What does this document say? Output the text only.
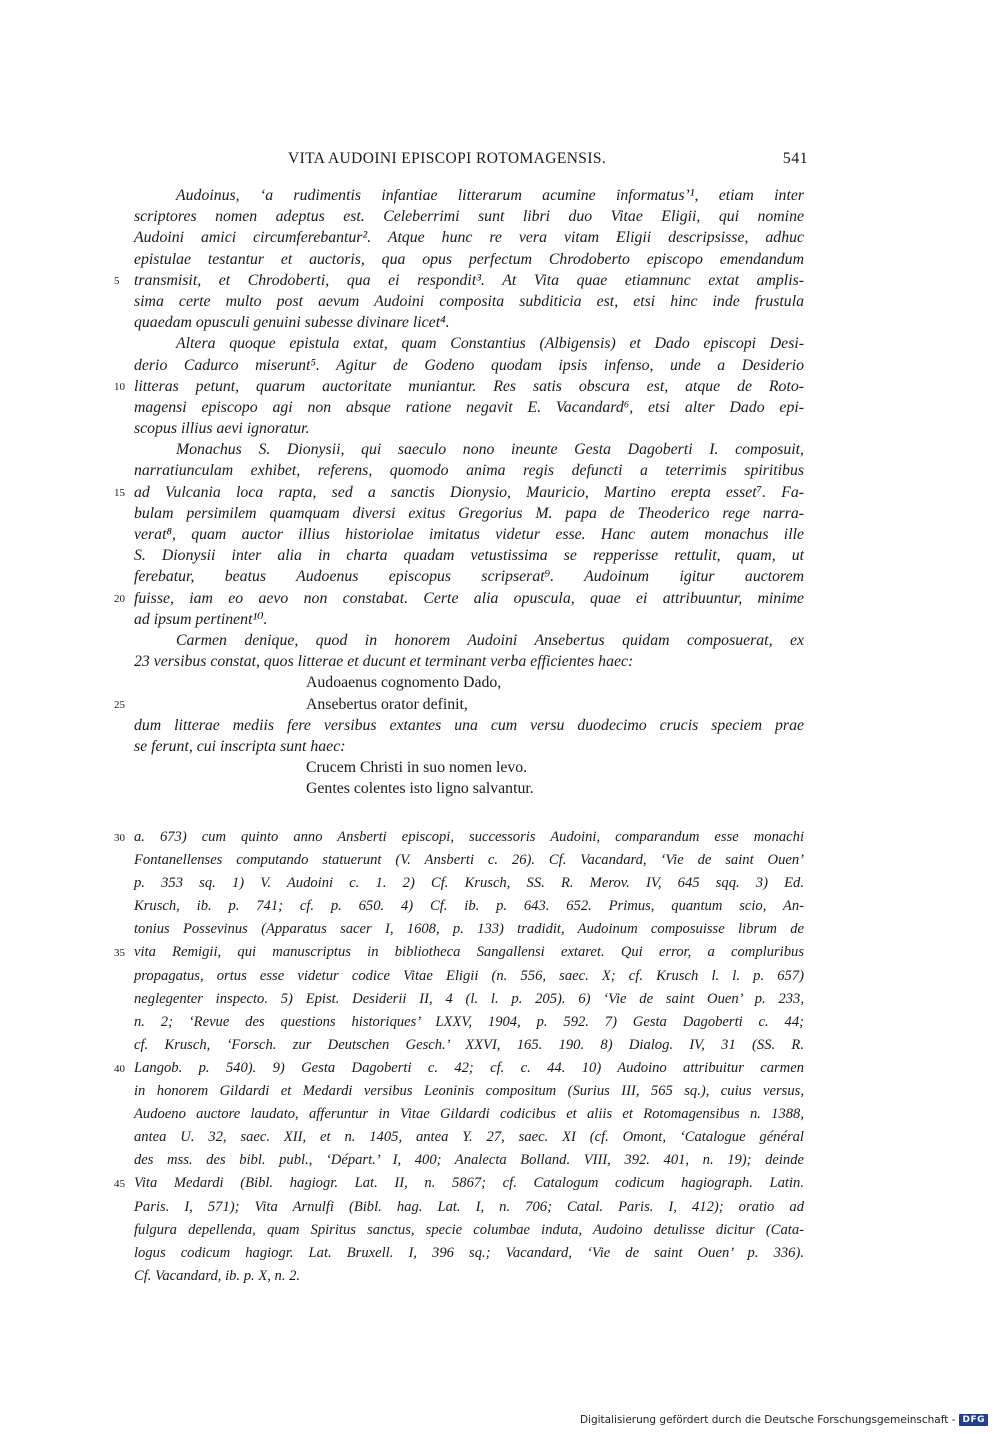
VITA AUDOINI EPISCOPI ROTOMAGENSIS.	541
Audoinus, ‘a rudimentis infantiae litterarum acumine informatus’¹, etiam inter
scriptores nomen adeptus est. Celeberrimi sunt libri duo Vitae Eligii, qui nomine
Audoini amici circumferebantur². Atque hunc re vera vitam Eligii descripsisse, adhuc
epistulae testantur et auctoris, qua opus perfectum Chrodoberto episcopo emendandum
5 transmisit, et Chrodoberti, qua ei respondit³. At Vita quae etiamnunc extat amplis-
sima certe multo post aevum Audoini composita subditicia est, etsi hinc inde frustula
quaedam opusculi genuini subesse divinare licet⁴.
Altera quoque epistula extat, quam Constantius (Albigensis) et Dado episcopi Desi-
derio Cadurco miserunt⁵. Agitur de Godeno quodam ipsis infenso, unde a Desiderio
10 litteras petunt, quarum auctoritate muniantur. Res satis obscura est, atque de Roto-
magensi episcopo agi non absque ratione negavit E. Vacandard⁶, etsi alter Dado epi-
scopus illius aevi ignoratur.
Monachus S. Dionysii, qui saeculo nono ineunte Gesta Dagoberti I. composuit,
narratiunculam exhibet, referens, quomodo anima regis defuncti a teterrimis spiritibus
15 ad Vulcania loca rapta, sed a sanctis Dionysio, Mauricio, Martino erepta esset⁷. Fa-
bulam persimilem quamquam diversi exitus Gregorius M. papa de Theoderico rege narra-
verat⁸, quam auctor illius historiolae imitatus videtur esse. Hanc autem monachus ille
S. Dionysii inter alia in charta quadam vetustissima se repperisse rettulit, quam, ut
ferebatur, beatus Audoenus episcopus scripserat⁹. Audoinum igitur auctorem
20 fuisse, iam eo aevo non constabat. Certe alia opuscula, quae ei attribuuntur, minime
ad ipsum pertinent¹⁰.
Carmen denique, quod in honorem Audoini Ansebertus quidam composuerat, ex
23 versibus constat, quos litterae et ducunt et terminant verba efficientes haec:
Audoaenus cognomento Dado,
25	Ansebertus orator definit,
dum litterae mediis fere versibus extantes una cum versu duodecimo crucis speciem prae
se ferunt, cui inscripta sunt haec:
Crucem Christi in suo nomen levo.
Gentes colentes isto ligno salvantur.
30 a. 673) cum quinto anno Ansberti episcopi, successoris Audoini, comparandum esse monachi
Fontanellenses computando statuerunt (V. Ansberti c. 26). Cf. Vacandard, ‘Vie de saint Ouen’
p. 353 sq. 1) V. Audoini c. 1. 2) Cf. Krusch, SS. R. Merov. IV, 645 sqq. 3) Ed.
Krusch, ib. p. 741; cf. p. 650. 4) Cf. ib. p. 643. 652. Primus, quantum scio, An-
tonius Possevinus (Apparatus sacer I, 1608, p. 133) tradidit, Audoinum composuisse librum de
35 vita Remigii, qui manuscriptus in bibliotheca Sangallensi extaret. Qui error, a compluribus
propagatus, ortus esse videtur codice Vitae Eligii (n. 556, saec. X; cf. Krusch l. l. p. 657)
neglegenter inspecto. 5) Epist. Desiderii II, 4 (l. l. p. 205). 6) ‘Vie de saint Ouen’ p. 233,
n. 2; ‘Revue des questions historiques’ LXXV, 1904, p. 592. 7) Gesta Dagoberti c. 44;
cf. Krusch, ‘Forsch. zur Deutschen Gesch.’ XXVI, 165. 190. 8) Dialog. IV, 31 (SS. R.
40 Langob. p. 540). 9) Gesta Dagoberti c. 42; cf. c. 44. 10) Audoino attribuitur carmen
in honorem Gildardi et Medardi versibus Leoninis compositum (Surius III, 565 sq.), cuius versus,
Audoeno auctore laudato, afferuntur in Vitae Gildardi codicibus et aliis et Rotomagensibus n. 1388,
antea U. 32, saec. XII, et n. 1405, antea Y. 27, saec. XI (cf. Omont, ‘Catalogue général
des mss. des bibl. publ., ‘Départ.’ I, 400; Analecta Bolland. VIII, 392. 401, n. 19); deinde
45 Vita Medardi (Bibl. hagiogr. Lat. II, n. 5867; cf. Catalogum codicum hagiograph. Latin.
Paris. I, 571); Vita Arnulfi (Bibl. hag. Lat. I, n. 706; Catal. Paris. I, 412); oratio ad
fulgura depellenda, quam Spiritus sanctus, specie columbae induta, Audoino detulisse dicitur (Cata-
logus codicum hagiogr. Lat. Bruxell. I, 396 sq.; Vacandard, ‘Vie de saint Ouen’ p. 336).
Cf. Vacandard, ib. p. X, n. 2.
Digitalisierung gefördert durch die Deutsche Forschungsgemeinschaft - DFG
